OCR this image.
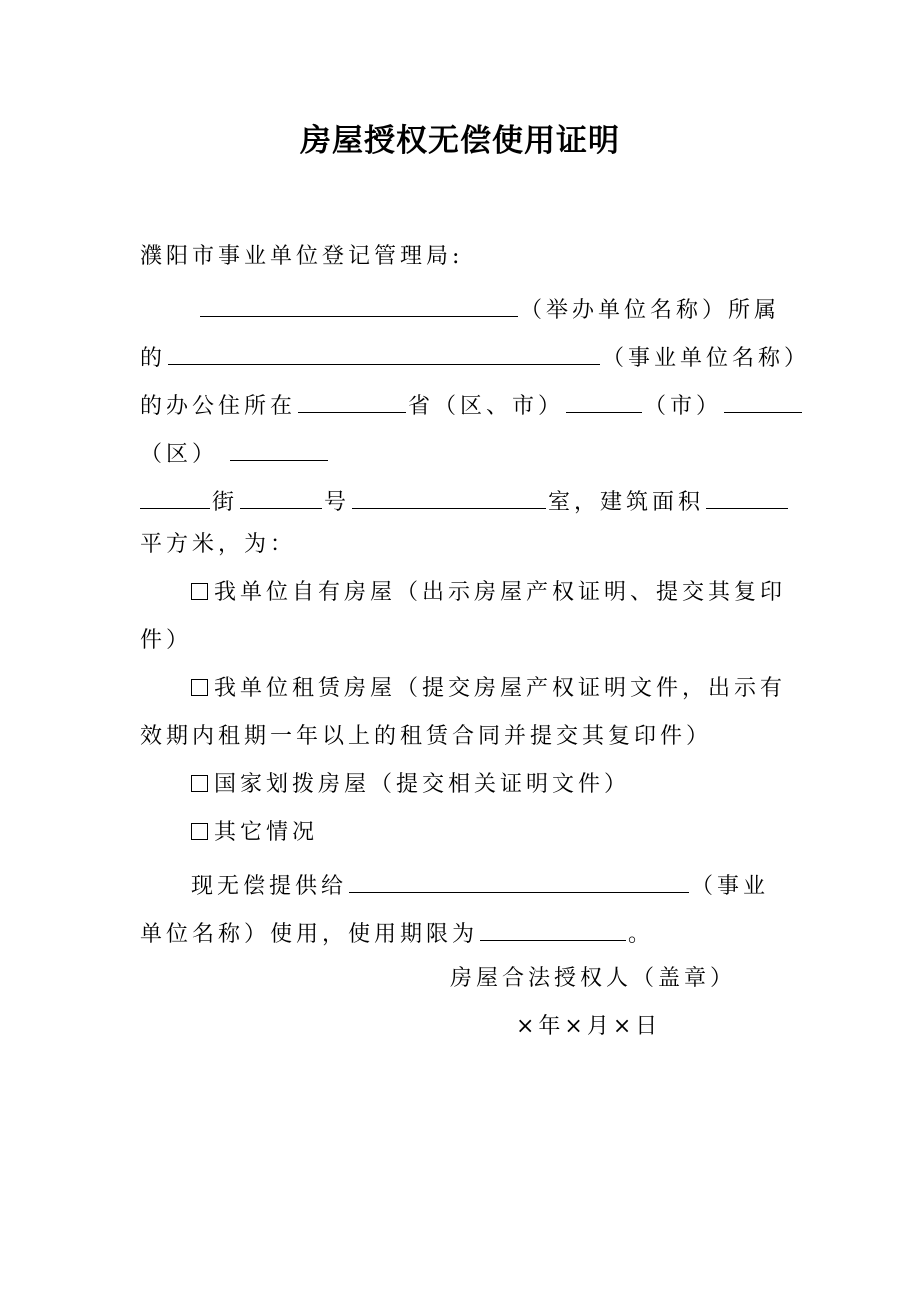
房屋授权无偿使用证明
濮阳市事业单位登记管理局:
（举办单位名称）所属
的	（事业单位名称）
的办公住所在	省（区、市）	（市）
（区）
街	号	室，建筑面积
平方米，为：
我单位自有房屋（出示房屋产权证明、提交其复印
件）
我单位租赁房屋（提交房屋产权证明文件，出示有
效期内租期一年以上的租赁合同并提交其复印件）
国家划拨房屋（提交相关证明文件）
其它情况
现无偿提供给	（事业
单位名称）使用，使用期限为	。
房屋合法授权人（盖章）
×年×月×日
